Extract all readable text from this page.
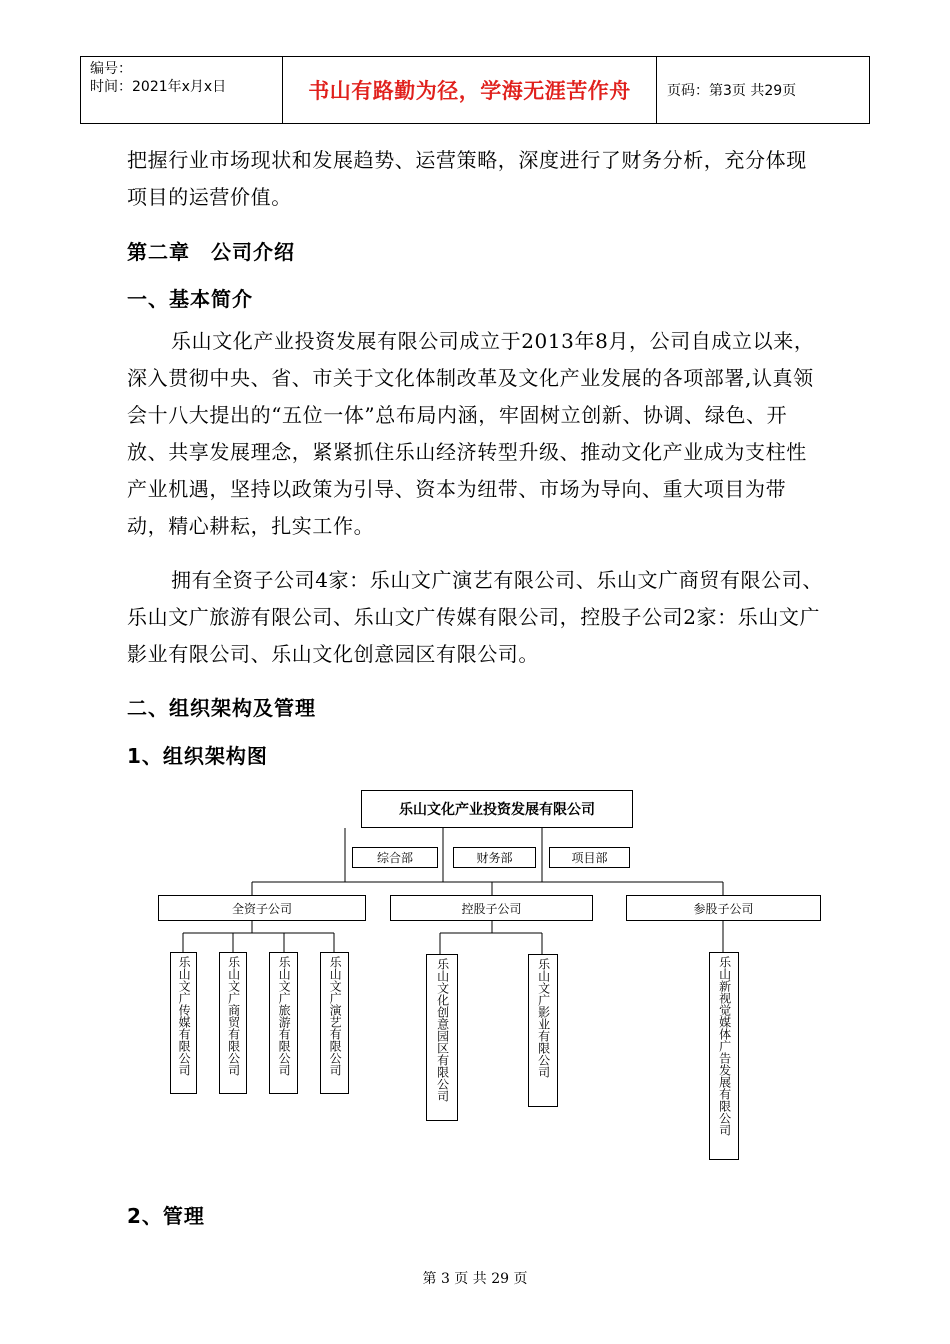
编号：
时间：2021年x月x日	书山有路勤为径，学海无涯苦作舟	页码：第3页 共29页
把握行业市场现状和发展趋势、运营策略，深度进行了财务分析，充分体现项目的运营价值。
第二章　公司介绍
一、基本简介
乐山文化产业投资发展有限公司成立于2013年8月，公司自成立以来，深入贯彻中央、省、市关于文化体制改革及文化产业发展的各项部署,认真领会十八大提出的“五位一体”总布局内涵，牢固树立创新、协调、绿色、开放、共享发展理念，紧紧抓住乐山经济转型升级、推动文化产业成为支柱性产业机遇，坚持以政策为引导、资本为纽带、市场为导向、重大项目为带动，精心耕耘，扎实工作。
拥有全资子公司4家：乐山文广演艺有限公司、乐山文广商贸有限公司、乐山文广旅游有限公司、乐山文广传媒有限公司，控股子公司2家：乐山文广影业有限公司、乐山文化创意园区有限公司。
二、组织架构及管理
1、组织架构图
乐山文化产业投资发展有限公司
综合部	财务部	项目部
全资子公司	控股子公司	参股子公司
乐山文广传媒有限公司	乐山文广商贸有限公司	乐山文广旅游有限公司	乐山文广演艺有限公司	乐山文化创意园区有限公司	乐山文广影业有限公司	乐山新视觉媒体广告发展有限公司
2、管理
第 3 页 共 29 页
